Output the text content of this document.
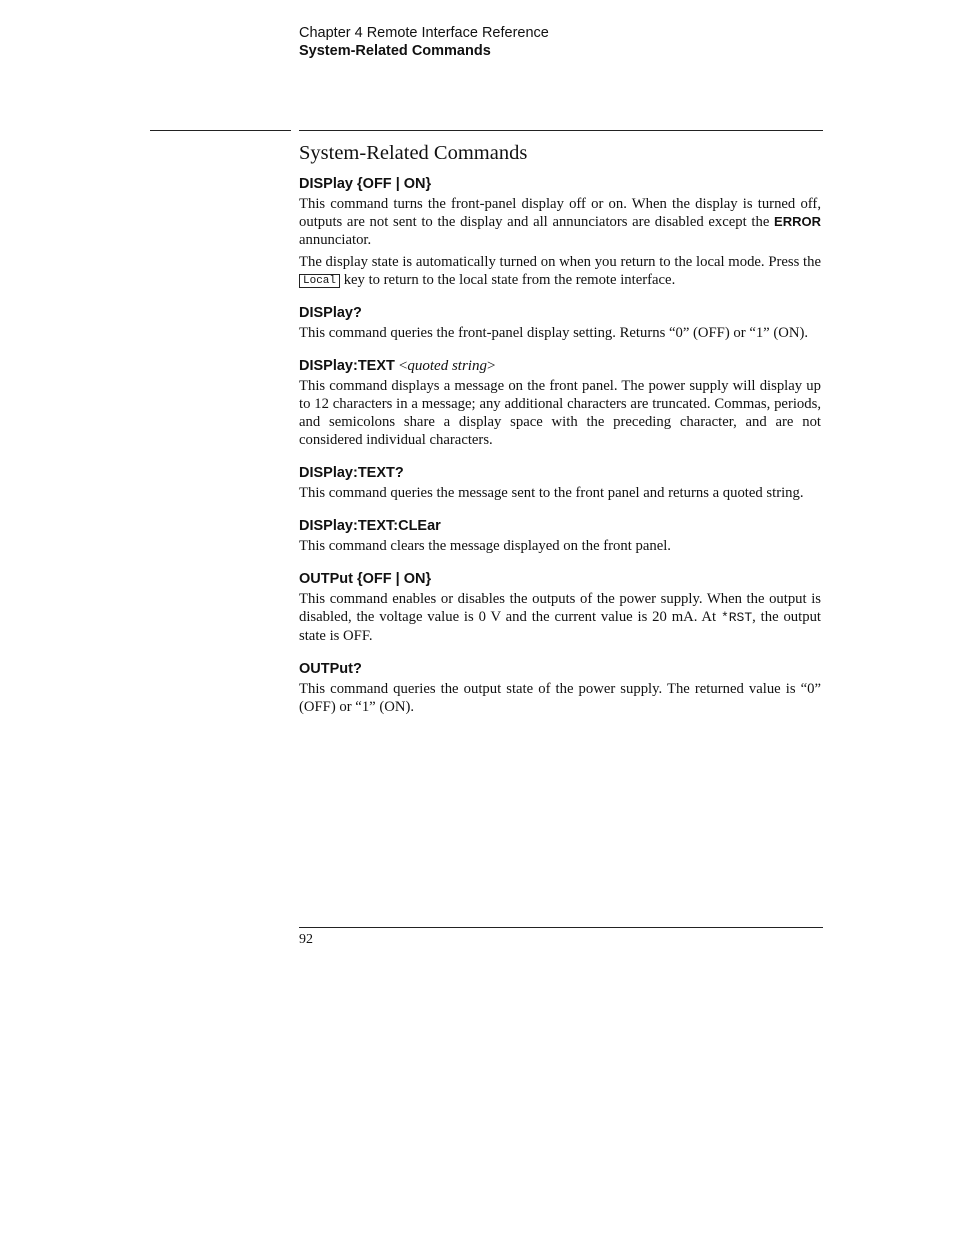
Chapter 4 Remote Interface Reference
System-Related Commands
System-Related Commands
DISPlay {OFF | ON}

This command turns the front-panel display off or on. When the display is turned off, outputs are not sent to the display and all annunciators are disabled except the ERROR annunciator.

The display state is automatically turned on when you return to the local mode. Press the Local key to return to the local state from the remote interface.

DISPlay?

This command queries the front-panel display setting. Returns “0” (OFF) or “1” (ON).

DISPlay:TEXT <quoted string>

This command displays a message on the front panel. The power supply will display up to 12 characters in a message; any additional characters are truncated. Commas, periods, and semicolons share a display space with the preceding character, and are not considered individual characters.

DISPlay:TEXT?

This command queries the message sent to the front panel and returns a quoted string.

DISPlay:TEXT:CLEar

This command clears the message displayed on the front panel.

OUTPut {OFF | ON}

This command enables or disables the outputs of the power supply. When the output is disabled, the voltage value is 0 V and the current value is 20 mA. At *RST, the output state is OFF.

OUTPut?

This command queries the output state of the power supply. The returned value is “0” (OFF) or “1” (ON).

92
